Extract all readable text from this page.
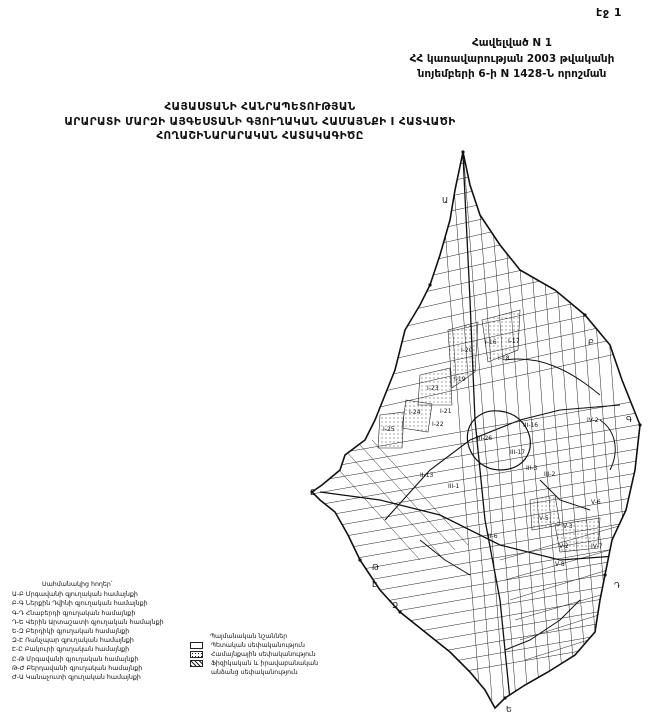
էջ 1
Հավելված N 1
ՀՀ կառավարության 2003 թվականի
նոյեմբերի 6-ի N 1428-Ն որոշման
ՀԱՅԱՍՏԱՆԻ ՀԱՆՐԱՊԵՏՈՒԹՅԱՆ
ԱՐԱՐԱՏԻ ՄԱՐԶԻ ԱՅԳԵՍՏԱՆԻ ԳՅՈՒՂԱԿԱՆ ՀԱՄԱՅՆՔԻ I ՀԱՏՎԱԾԻ
ՀՈՂԱՇԻՆԱՐԱՐԱԿԱՆ ՀԱՏԱԿԱԳԻԾԸ
Ա
Բ
Գ
Դ
Ե
Զ
Է
Ը
Թ
I-20
I-18
I-17
I-16
I-19
I-23
I-24	I-21
I-22
I-25
III-26
III-16
III-17
III-3
III-1
III-2
II-13
II-6
IV-2
V-2
V-3
V-8
IV-7
V-6
V-5
Սահմանակից հողեր՝
Ա-Բ Մրգավանի գյուղական համայնքի
Բ-Գ Ներքին Դվինի գյուղական համայնքի
Գ-Դ Հնաբերդի գյուղական համայնքի
Դ-Ե Վերին Արտաշատի գյուղական համայնքի
Ե-Զ Բերդիկի գյուղական համայնքի
Զ-Է Ռանչպար գյուղական համայնքի
Է-Ը Բակուրի գյուղական համայնքի
Ը-Թ Մրգավանի գյուղական համայնքի
Թ-Ժ Բերդավանի գյուղական համայնքի
Ժ-Ա Կանաչուտի գյուղական համայնքի
Պայմանական նշաններ
Պետական սեփականություն
Համայնքային սեփականություն
Ֆիզիկական և իրավաբանական
անձանց սեփականություն
